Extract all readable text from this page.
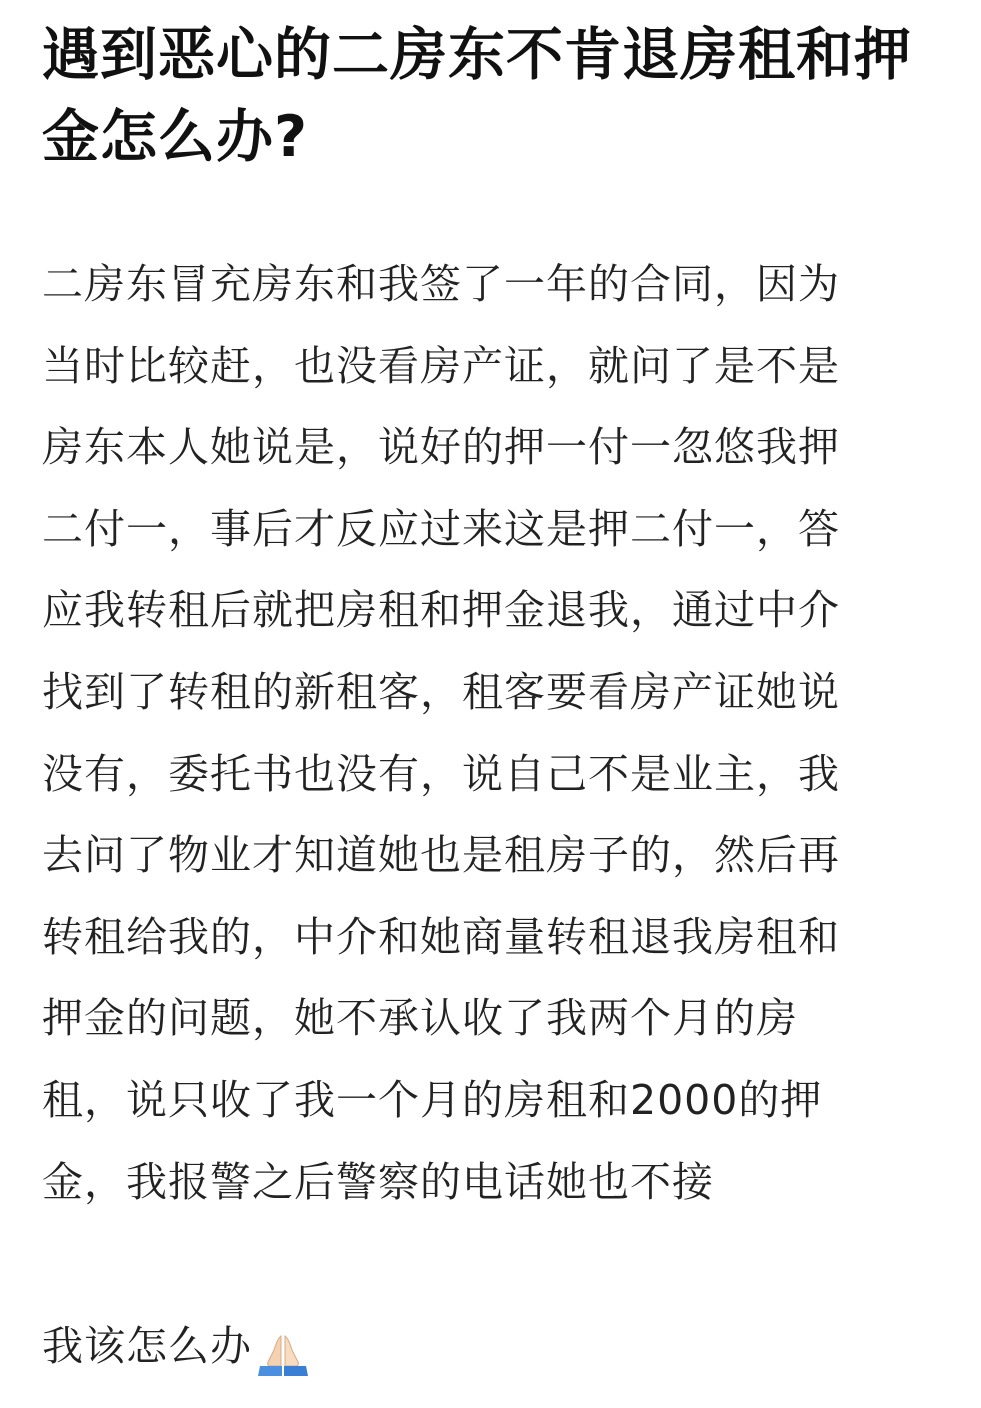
遇到恶心的二房东不肯退房租和押金怎么办?
二房东冒充房东和我签了一年的合同，因为
当时比较赶，也没看房产证，就问了是不是
房东本人她说是，说好的押一付一忽悠我押
二付一，事后才反应过来这是押二付一，答
应我转租后就把房租和押金退我，通过中介
找到了转租的新租客，租客要看房产证她说
没有，委托书也没有，说自己不是业主，我
去问了物业才知道她也是租房子的，然后再
转租给我的，中介和她商量转租退我房租和
押金的问题，她不承认收了我两个月的房
租，说只收了我一个月的房租和2000的押
金，我报警之后警察的电话她也不接
我该怎么办
